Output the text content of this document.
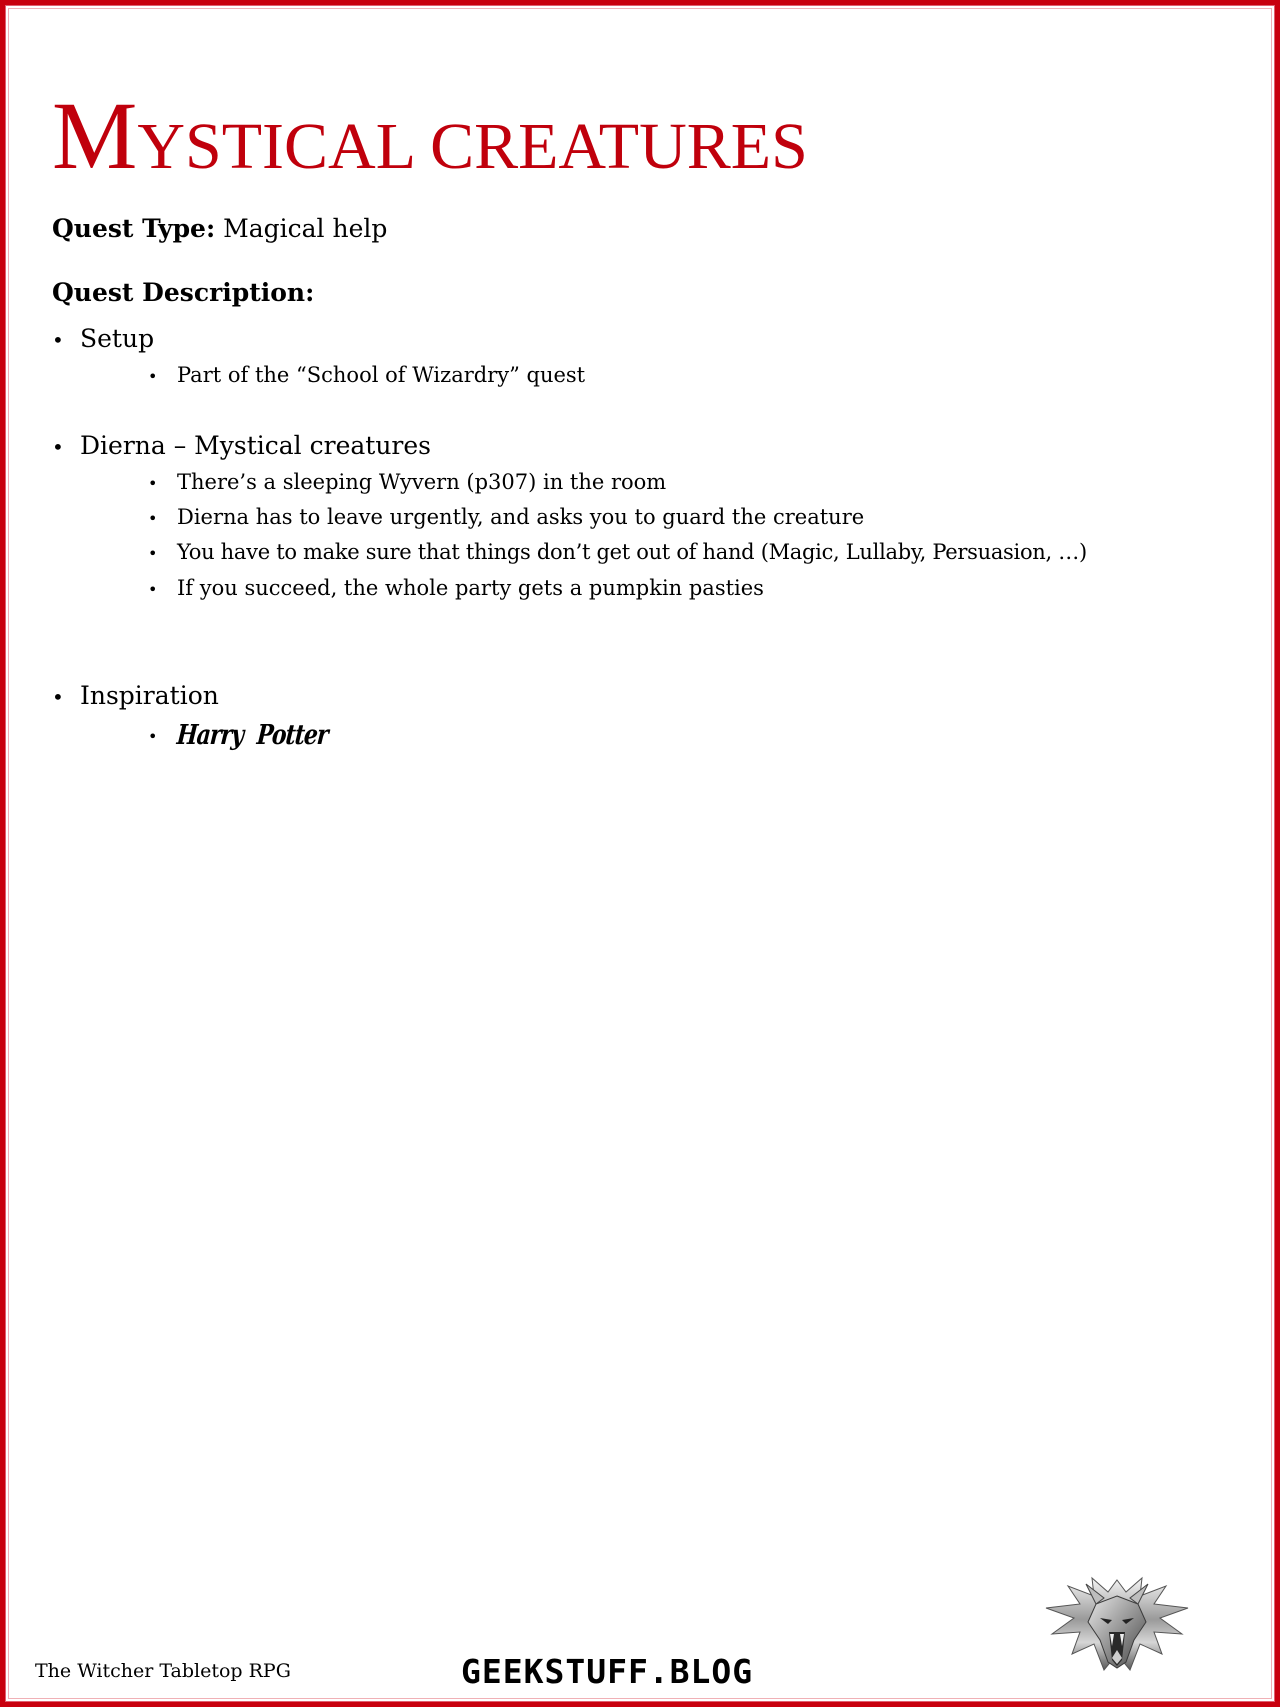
MYSTICAL CREATURES
Quest Type: Magical help
Quest Description:
• Setup
• Part of the “School of Wizardry” quest
• Dierna – Mystical creatures
• There’s a sleeping Wyvern (p307) in the room
• Dierna has to leave urgently, and asks you to guard the creature
• You have to make sure that things don’t get out of hand (Magic, Lullaby, Persuasion, …)
• If you succeed, the whole party gets a pumpkin pasties
• Inspiration
• Harry Potter
The Witcher Tabletop RPG	GEEKSTUFF.BLOG
